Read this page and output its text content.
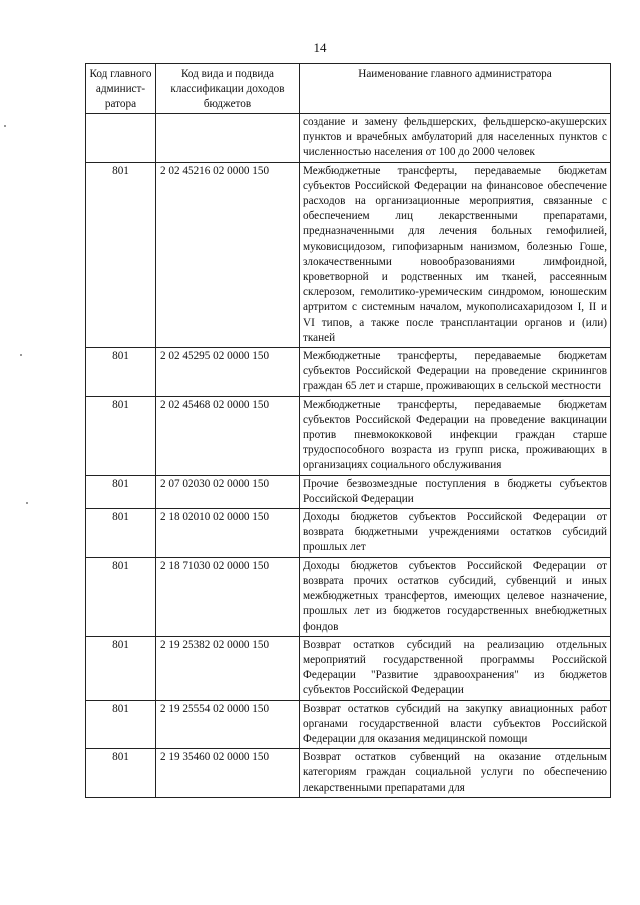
14
Код главного админист-ратора	Код вида и подвида классификации доходов бюджетов	Наименование главного администратора
		создание и замену фельдшерских, фельдшерско-акушерских пунктов и врачебных амбулаторий для населенных пунктов с численностью населения от 100 до 2000 человек
801	2 02 45216 02 0000 150	Межбюджетные трансферты, передаваемые бюджетам субъектов Российской Федерации на финансовое обеспечение расходов на организационные мероприятия, связанные с обеспечением лиц лекарственными препаратами, предназначенными для лечения больных гемофилией, муковисцидозом, гипофизарным нанизмом, болезнью Гоше, злокачественными новообразованиями лимфоидной, кроветворной и родственных им тканей, рассеянным склерозом, гемолитико-уремическим синдромом, юношеским артритом с системным началом, мукополисахаридозом I, II и VI типов, а также после трансплантации органов и (или) тканей
801	2 02 45295 02 0000 150	Межбюджетные трансферты, передаваемые бюджетам субъектов Российской Федерации на проведение скринингов граждан 65 лет и старше, проживающих в сельской местности
801	2 02 45468 02 0000 150	Межбюджетные трансферты, передаваемые бюджетам субъектов Российской Федерации на проведение вакцинации против пневмококковой инфекции граждан старше трудоспособного возраста из групп риска, проживающих в организациях социального обслуживания
801	2 07 02030 02 0000 150	Прочие безвозмездные поступления в бюджеты субъектов Российской Федерации
801	2 18 02010 02 0000 150	Доходы бюджетов субъектов Российской Федерации от возврата бюджетными учреждениями остатков субсидий прошлых лет
801	2 18 71030 02 0000 150	Доходы бюджетов субъектов Российской Федерации от возврата прочих остатков субсидий, субвенций и иных межбюджетных трансфертов, имеющих целевое назначение, прошлых лет из бюджетов государственных внебюджетных фондов
801	2 19 25382 02 0000 150	Возврат остатков субсидий на реализацию отдельных мероприятий государственной программы Российской Федерации "Развитие здравоохранения" из бюджетов субъектов Российской Федерации
801	2 19 25554 02 0000 150	Возврат остатков субсидий на закупку авиационных работ органами государственной власти субъектов Российской Федерации для оказания медицинской помощи
801	2 19 35460 02 0000 150	Возврат остатков субвенций на оказание отдельным категориям граждан социальной услуги по обеспечению лекарственными препаратами для
